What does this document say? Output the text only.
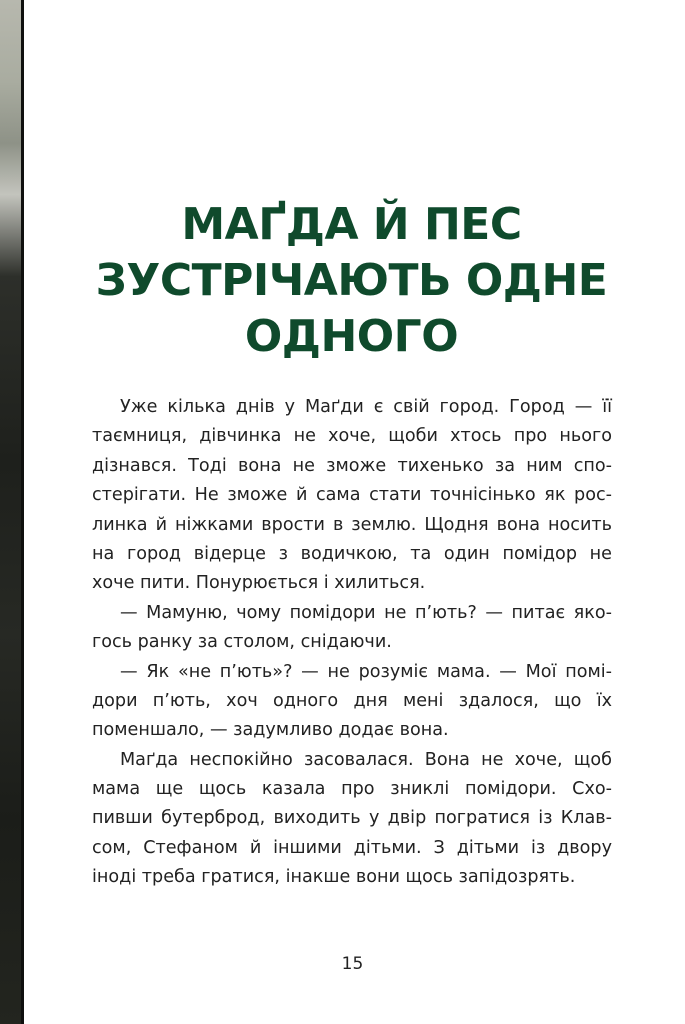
МАҐДА Й ПЕС
ЗУСТРІЧАЮТЬ ОДНЕ
ОДНОГО
Уже кілька днів у Маґди є свій город. Город — її
таємниця, дівчинка не хоче, щоби хтось про нього
дізнався. Тоді вона не зможе тихенько за ним спо-
стерігати. Не зможе й сама стати точнісінько як рос-
линка й ніжками врости в землю. Щодня вона носить
на город відерце з водичкою, та один помідор не
хоче пити. Понурюється і хилиться.
— Мамуню, чому помідори не п’ють? — питає яко-
гось ранку за столом, снідаючи.
— Як «не п’ють»? — не розуміє мама. — Мої помі-
дори п’ють, хоч одного дня мені здалося, що їх
поменшало, — задумливо додає вона.
Маґда неспокійно засовалася. Вона не хоче, щоб
мама ще щось казала про зниклі помідори. Схо-
пивши бутерброд, виходить у двір погратися із Клав-
сом, Стефаном й іншими дітьми. З дітьми із двору
іноді треба гратися, інакше вони щось запідозрять.
15
